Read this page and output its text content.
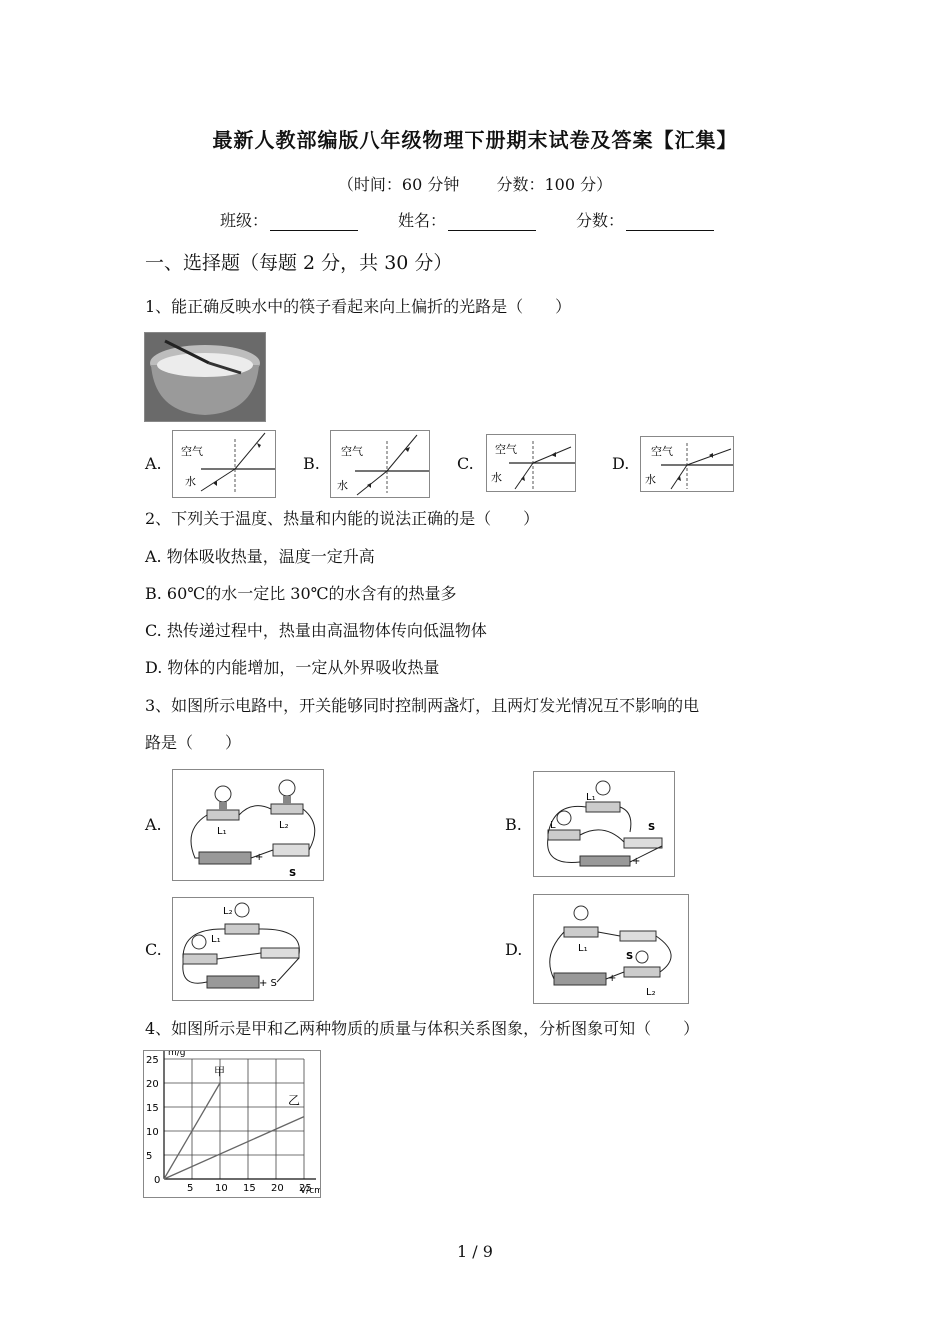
最新人教部编版八年级物理下册期末试卷及答案【汇集】
（时间：60 分钟 分数：100 分）
班级：	姓名：	分数：
一、选择题（每题 2 分，共 30 分）
1、能正确反映水中的筷子看起来向上偏折的光路是（　　）
A.
空气
水
B.
空气
水
C.
空气
水
D.
空气
水
2、下列关于温度、热量和内能的说法正确的是（　　）
A. 物体吸收热量，温度一定升高
B. 60℃的水一定比 30℃的水含有的热量多
C. 热传递过程中，热量由高温物体传向低温物体
D. 物体的内能增加，一定从外界吸收热量
3、如图所示电路中，开关能够同时控制两盏灯，且两灯发光情况互不影响的电
路是（　　）
A.	L₁
L₂
+
S
B.
L₁
L	S
+
C.
L₂
L₁
+ S
D.	L₁
S
L₂
+
4、如图所示是甲和乙两种物质的质量与体积关系图象，分析图象可知（　　）
0
5 10 15 20 25
5
10
15
20
25
m/g
V/cm
甲
乙
1 / 9
